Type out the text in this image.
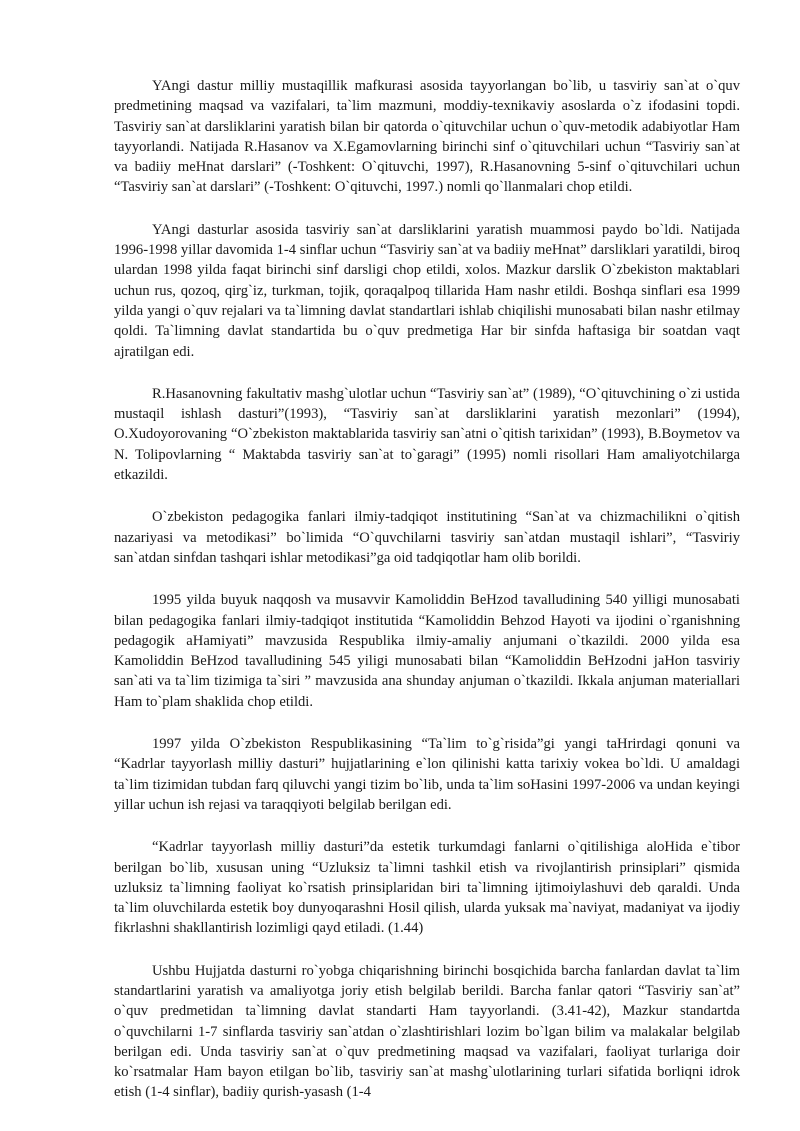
YAngi dastur milliy mustaqillik mafkurasi asosida tayyorlangan bo`lib, u tasviriy san`at o`quv predmetining maqsad va vazifalari, ta`lim mazmuni, moddiy-texnikaviy asoslarda o`z ifodasini topdi. Tasviriy san`at darsliklarini yaratish bilan bir qatorda o`qituvchilar uchun o`quv-metodik adabiyotlar Ham tayyorlandi. Natijada R.Hasanov va X.Egamovlarning birinchi sinf o`qituvchilari uchun “Tasviriy san`at va badiiy meHnat darslari” (-Toshkent: O`qituvchi, 1997), R.Hasanovning 5-sinf o`qituvchilari uchun “Tasviriy san`at darslari” (-Toshkent: O`qituvchi, 1997.) nomli qo`llanmalari chop etildi.

YAngi dasturlar asosida tasviriy san`at darsliklarini yaratish muammosi paydo bo`ldi. Natijada 1996-1998 yillar davomida 1-4 sinflar uchun “Tasviriy san`at va badiiy meHnat” darsliklari yaratildi, biroq ulardan 1998 yilda faqat birinchi sinf darsligi chop etildi, xolos. Mazkur darslik O`zbekiston maktablari uchun rus, qozoq, qirg`iz, turkman, tojik, qoraqalpoq tillarida Ham nashr etildi. Boshqa sinflari esa 1999 yilda yangi o`quv rejalari va ta`limning davlat standartlari ishlab chiqilishi munosabati bilan nashr etilmay qoldi. Ta`limning davlat standartida bu o`quv predmetiga Har bir sinfda haftasiga bir soatdan vaqt ajratilgan edi.

R.Hasanovning fakultativ mashg`ulotlar uchun “Tasviriy san`at” (1989), “O`qituvchining o`zi ustida mustaqil ishlash dasturi”(1993), “Tasviriy san`at darsliklarini yaratish mezonlari” (1994), O.Xudoyorovaning “O`zbekiston maktablarida tasviriy san`atni o`qitish tarixidan” (1993), B.Boymetov va N. Tolipovlarning “ Maktabda tasviriy san`at to`garagi” (1995) nomli risollari Ham amaliyotchilarga etkazildi.

O`zbekiston pedagogika fanlari ilmiy-tadqiqot institutining “San`at va chizmachilikni o`qitish nazariyasi va metodikasi” bo`limida “O`quvchilarni tasviriy san`atdan mustaqil ishlari”, “Tasviriy san`atdan sinfdan tashqari ishlar metodikasi”ga oid tadqiqotlar ham olib borildi.

1995 yilda buyuk naqqosh va musavvir Kamoliddin BeHzod tavalludining 540 yilligi munosabati bilan pedagogika fanlari ilmiy-tadqiqot institutida “Kamoliddin Behzod Hayoti va ijodini o`rganishning pedagogik aHamiyati” mavzusida Respublika ilmiy-amaliy anjumani o`tkazildi. 2000 yilda esa Kamoliddin BeHzod tavalludining 545 yiligi munosabati bilan “Kamoliddin BeHzodni jaHon tasviriy san`ati va ta`lim tizimiga ta`siri ” mavzusida ana shunday anjuman o`tkazildi. Ikkala anjuman materiallari Ham to`plam shaklida chop etildi.

1997 yilda O`zbekiston Respublikasining “Ta`lim to`g`risida”gi yangi taHrirdagi qonuni va “Kadrlar tayyorlash milliy dasturi” hujjatlarining e`lon qilinishi katta tarixiy vokea bo`ldi. U amaldagi ta`lim tizimidan tubdan farq qiluvchi yangi tizim bo`lib, unda ta`lim soHasini 1997-2006 va undan keyingi yillar uchun ish rejasi va taraqqiyoti belgilab berilgan edi.

“Kadrlar tayyorlash milliy dasturi”da estetik turkumdagi fanlarni o`qitilishiga aloHida e`tibor berilgan bo`lib, xususan uning “Uzluksiz ta`limni tashkil etish va rivojlantirish prinsiplari” qismida uzluksiz ta`limning faoliyat ko`rsatish prinsiplaridan biri ta`limning ijtimoiylashuvi deb qaraldi. Unda ta`lim oluvchilarda estetik boy dunyoqarashni Hosil qilish, ularda yuksak ma`naviyat, madaniyat va ijodiy fikrlashni shakllantirish lozimligi qayd etiladi. (1.44)

Ushbu Hujjatda dasturni ro`yobga chiqarishning birinchi bosqichida barcha fanlardan davlat ta`lim standartlarini yaratish va amaliyotga joriy etish belgilab berildi. Barcha fanlar qatori “Tasviriy san`at” o`quv predmetidan ta`limning davlat standarti Ham tayyorlandi. (3.41-42), Mazkur standartda o`quvchilarni 1-7 sinflarda tasviriy san`atdan o`zlashtirishlari lozim bo`lgan bilim va malakalar belgilab berilgan edi. Unda tasviriy san`at o`quv predmetining maqsad va vazifalari, faoliyat turlariga doir ko`rsatmalar Ham bayon etilgan bo`lib, tasviriy san`at mashg`ulotlarining turlari sifatida borliqni idrok etish (1-4 sinflar), badiiy qurish-yasash (1-4
